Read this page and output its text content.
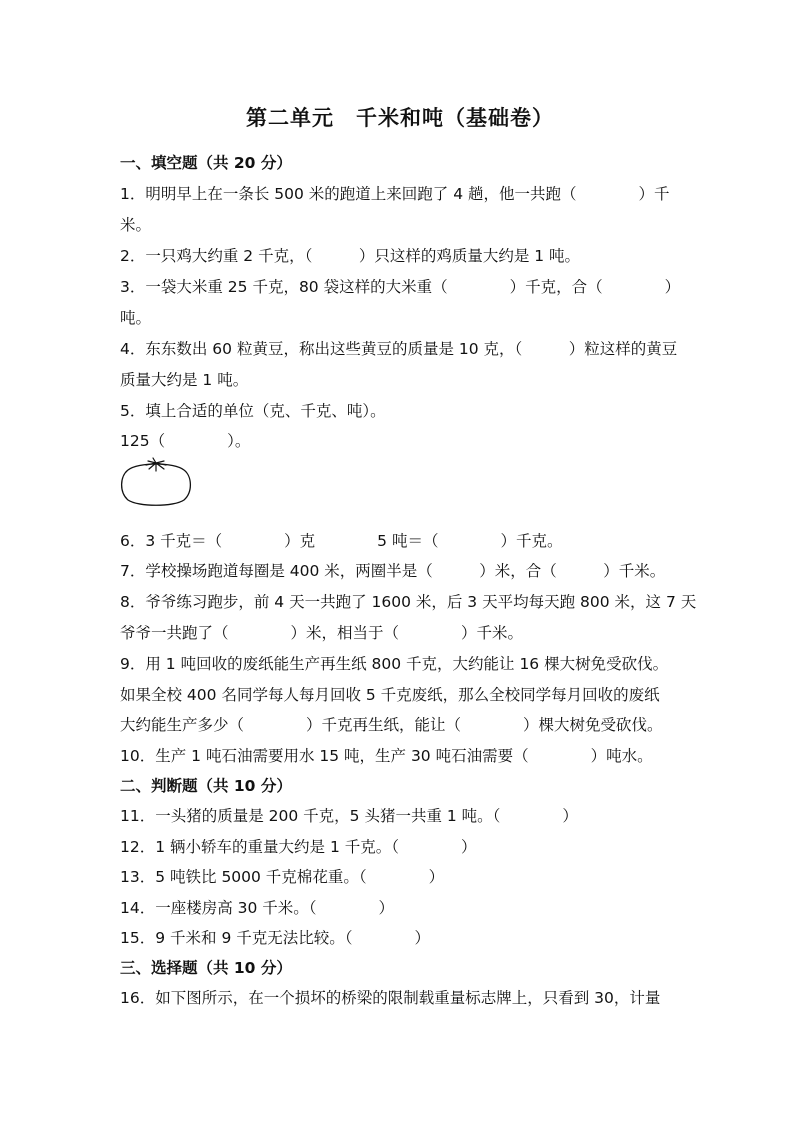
第二单元　千米和吨（基础卷）
一、填空题（共 20 分）
1．明明早上在一条长 500 米的跑道上来回跑了 4 趟，他一共跑（　　　　）千
米。
2．一只鸡大约重 2 千克，（　　　）只这样的鸡质量大约是 1 吨。
3．一袋大米重 25 千克，80 袋这样的大米重（　　　　）千克，合（　　　　）
吨。
4．东东数出 60 粒黄豆，称出这些黄豆的质量是 10 克，（　　　）粒这样的黄豆
质量大约是 1 吨。
5．填上合适的单位（克、千克、吨）。
125（　　　　）。
6．3 千克＝（　　　　）克　　　　5 吨＝（　　　　）千克。
7．学校操场跑道每圈是 400 米，两圈半是（　　　）米，合（　　　）千米。
8．爷爷练习跑步，前 4 天一共跑了 1600 米，后 3 天平均每天跑 800 米，这 7 天
爷爷一共跑了（　　　　）米，相当于（　　　　）千米。
9．用 1 吨回收的废纸能生产再生纸 800 千克，大约能让 16 棵大树免受砍伐。
如果全校 400 名同学每人每月回收 5 千克废纸，那么全校同学每月回收的废纸
大约能生产多少（　　　　）千克再生纸，能让（　　　　）棵大树免受砍伐。
10．生产 1 吨石油需要用水 15 吨，生产 30 吨石油需要（　　　　）吨水。
二、判断题（共 10 分）
11．一头猪的质量是 200 千克，5 头猪一共重 1 吨。（　　　　）
12．1 辆小轿车的重量大约是 1 千克。（　　　　）
13．5 吨铁比 5000 千克棉花重。（　　　　）
14．一座楼房高 30 千米。（　　　　）
15．9 千米和 9 千克无法比较。（　　　　）
三、选择题（共 10 分）
16．如下图所示，在一个损坏的桥梁的限制载重量标志牌上，只看到 30，计量
